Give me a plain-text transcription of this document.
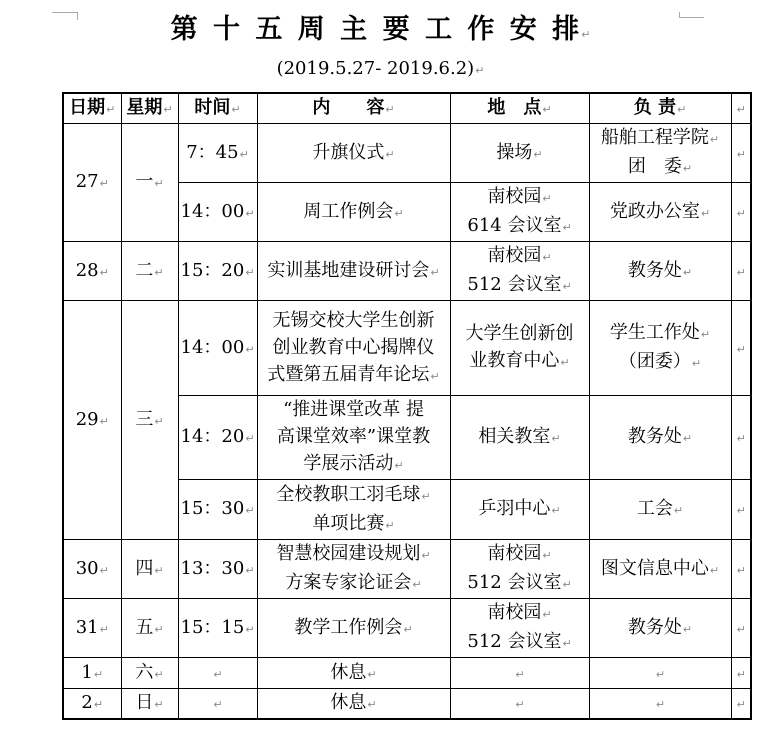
第 十 五 周 主 要 工 作 安 排↵
(2019.5.27- 2019.6.2)↵
日期↵	星期↵	时间↵	内　　容↵	地　点↵	负 责↵	↵
27↵	一↵	7：45↵	升旗仪式↵	操场↵	船舶工程学院↵
团　委↵	↵
		14：00↵	周工作例会↵	南校园↵
614 会议室↵	党政办公室↵	↵
28↵	二↵	15：20↵	实训基地建设研讨会↵	南校园↵
512 会议室↵	教务处↵	↵
29↵	三↵	14：00↵	无锡交校大学生创新
创业教育中心揭牌仪
式暨第五届青年论坛↵	大学生创新创
业教育中心↵	学生工作处↵
（团委）↵	↵
		14：20↵	“推进课堂改革 提
高课堂效率”课堂教
学展示活动↵	相关教室↵	教务处↵	↵
		15：30↵	全校教职工羽毛球↵
单项比赛↵	乒羽中心↵	工会↵	↵
30↵	四↵	13：30↵	智慧校园建设规划↵
方案专家论证会↵	南校园↵
512 会议室↵	图文信息中心↵	↵
31↵	五↵	15：15↵	教学工作例会↵	南校园↵
512 会议室↵	教务处↵	↵
1↵	六↵	↵	休息↵	↵	↵	↵
2↵	日↵	↵	休息↵	↵	↵	↵
